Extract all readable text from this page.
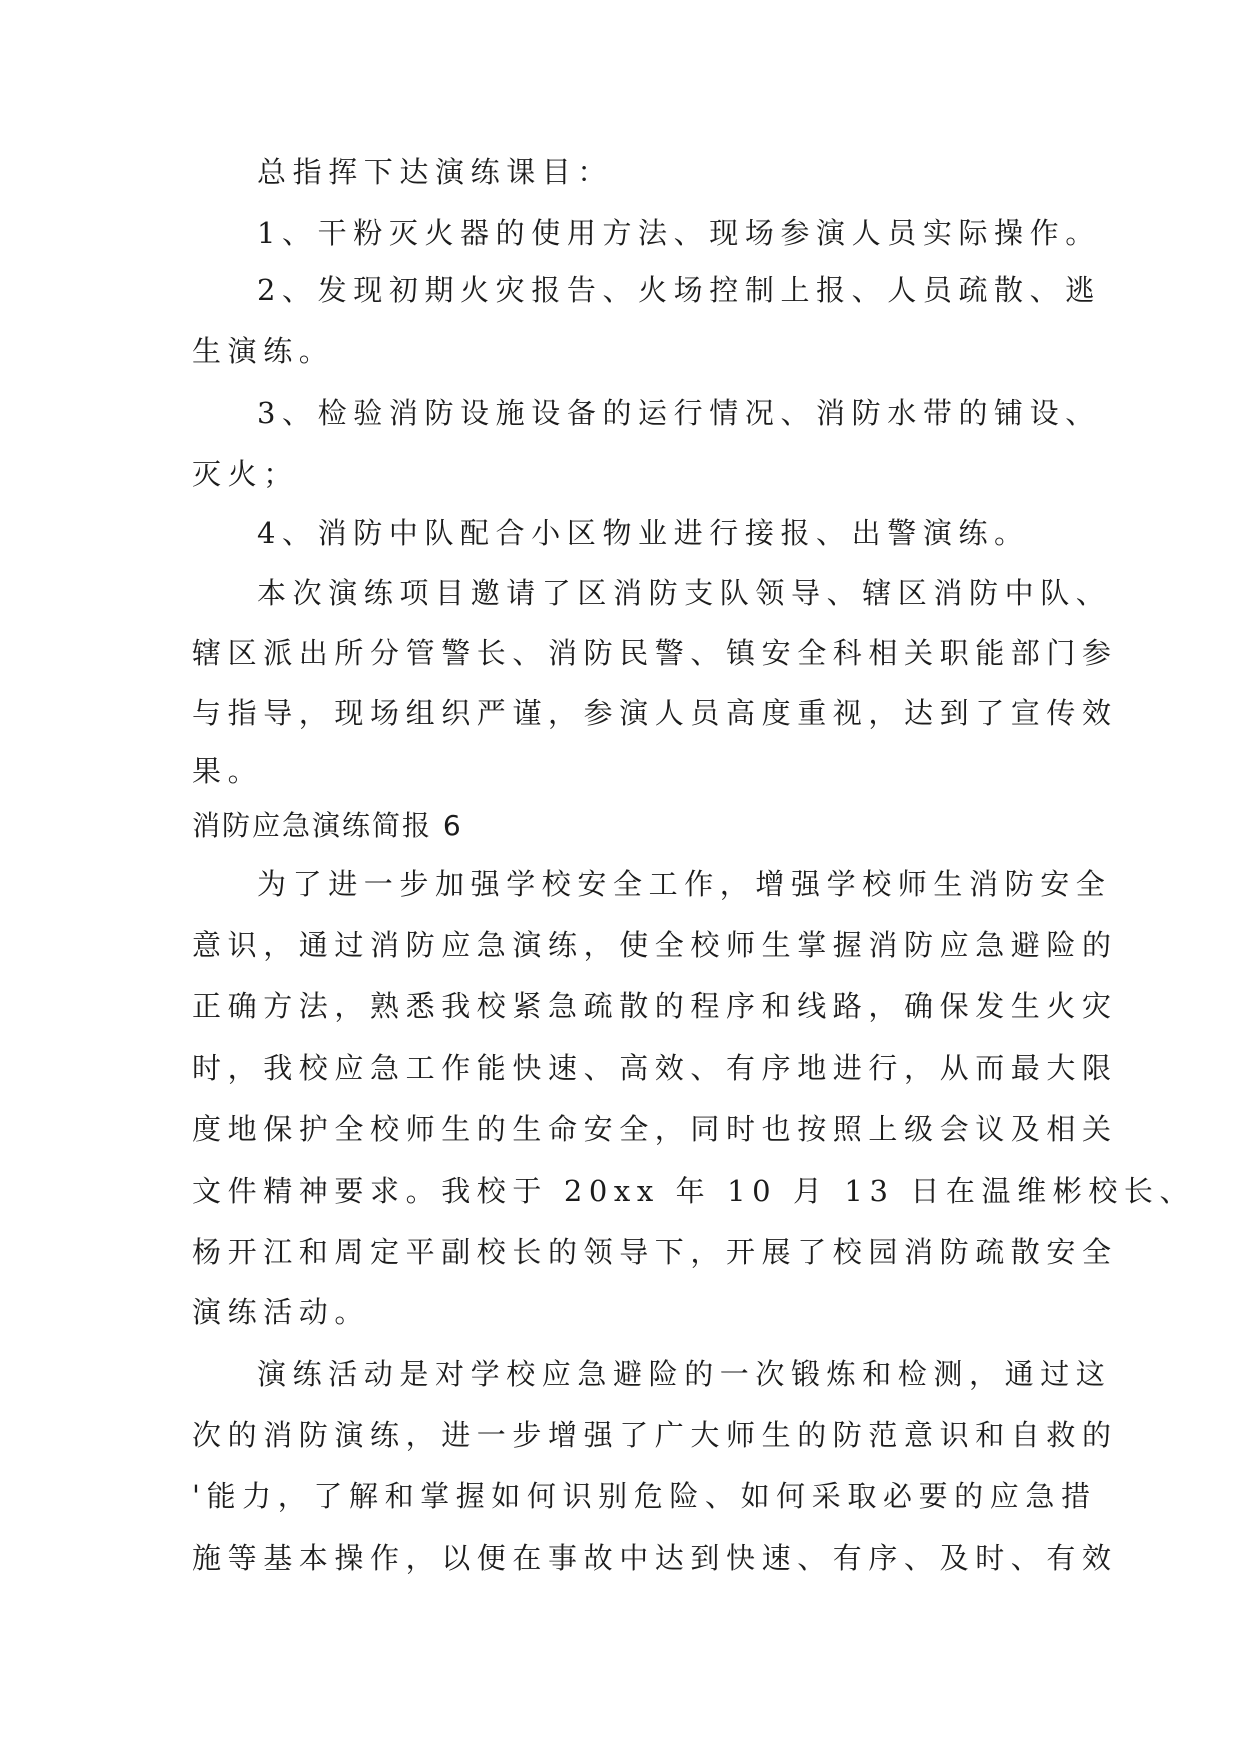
总指挥下达演练课目：
1、干粉灭火器的使用方法、现场参演人员实际操作。
2、发现初期火灾报告、火场控制上报、人员疏散、逃
生演练。
3、检验消防设施设备的运行情况、消防水带的铺设、
灭火；
4、消防中队配合小区物业进行接报、出警演练。
本次演练项目邀请了区消防支队领导、辖区消防中队、
辖区派出所分管警长、消防民警、镇安全科相关职能部门参
与指导，现场组织严谨，参演人员高度重视，达到了宣传效
果。
消防应急演练简报 6
为了进一步加强学校安全工作，增强学校师生消防安全
意识，通过消防应急演练，使全校师生掌握消防应急避险的
正确方法，熟悉我校紧急疏散的程序和线路，确保发生火灾
时，我校应急工作能快速、高效、有序地进行，从而最大限
度地保护全校师生的生命安全，同时也按照上级会议及相关
文件精神要求。我校于 20xx 年 10 月 13 日在温维彬校长、
杨开江和周定平副校长的领导下，开展了校园消防疏散安全
演练活动。
演练活动是对学校应急避险的一次锻炼和检测，通过这
次的消防演练，进一步增强了广大师生的防范意识和自救的
'能力，了解和掌握如何识别危险、如何采取必要的应急措
施等基本操作，以便在事故中达到快速、有序、及时、有效
